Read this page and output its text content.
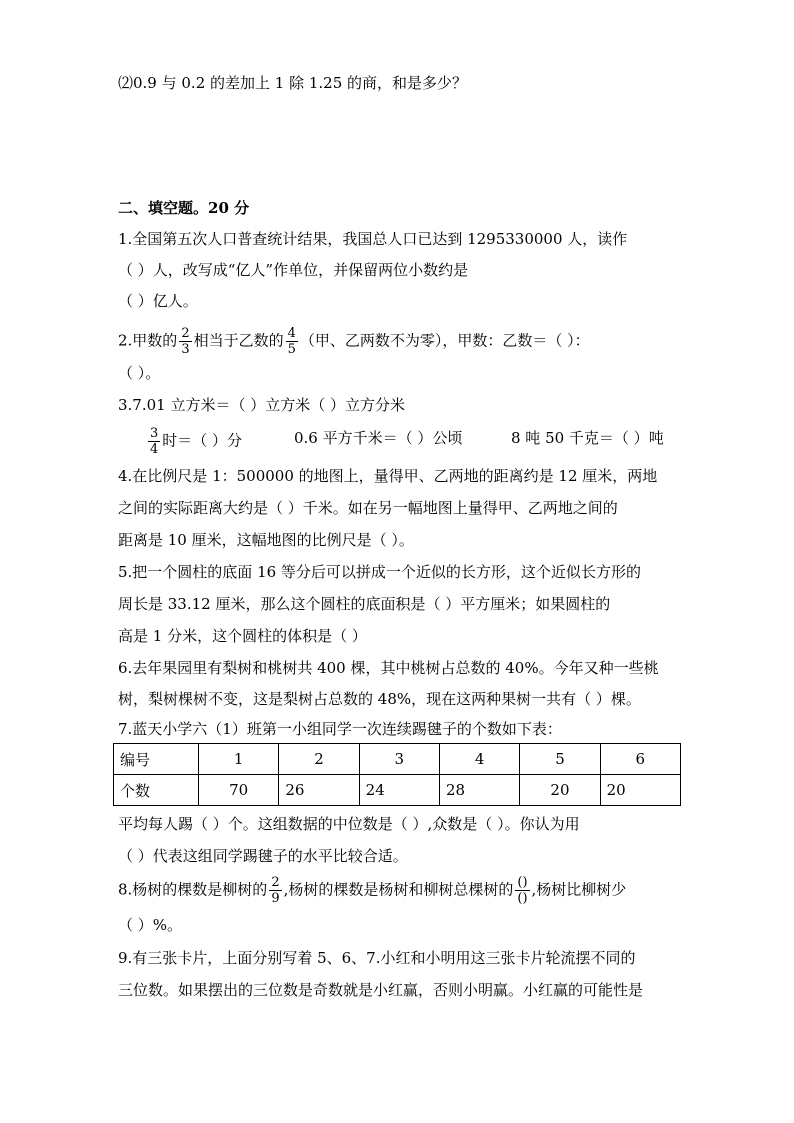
⑵0.9 与 0.2 的差加上 1 除 1.25 的商，和是多少？
二、填空题。20 分
1.全国第五次人口普查统计结果，我国总人口已达到 1295330000 人，读作
（ ）人，改写成“亿人”作单位，并保留两位小数约是
（ ）亿人。
2.甲数的 $\frac{2}{3}$ 相当于乙数的 $\frac{4}{5}$ （甲、乙两数不为零），甲数：乙数＝（ ）：
（ ）。
3.7.01 立方米＝（ ）立方米（ ）立方分米
$\frac{3}{4}$ 时＝（ ）分	0.6 平方千米＝（ ）公顷	8 吨 50 千克＝（ ）吨
4.在比例尺是 1：500000 的地图上，量得甲、乙两地的距离约是 12 厘米，两地
之间的实际距离大约是（ ）千米。如在另一幅地图上量得甲、乙两地之间的
距离是 10 厘米，这幅地图的比例尺是（ ）。
5.把一个圆柱的底面 16 等分后可以拼成一个近似的长方形，这个近似长方形的
周长是 33.12 厘米，那么这个圆柱的底面积是（ ）平方厘米；如果圆柱的
高是 1 分米，这个圆柱的体积是（ ）
6.去年果园里有梨树和桃树共 400 棵，其中桃树占总数的 40%。今年又种一些桃
树，梨树棵树不变，这是梨树占总数的 48%，现在这两种果树一共有（ ）棵。
7.蓝天小学六（1）班第一小组同学一次连续踢毽子的个数如下表：
编号	1	2	3	4	5	6
个数	70	26	24	28	20	20
平均每人踢（ ）个。这组数据的中位数是（ ）,众数是（ ）。你认为用
（ ）代表这组同学踢毽子的水平比较合适。
8.杨树的棵数是柳树的 $\frac{2}{9}$ ,杨树的棵数是杨树和柳树总棵树的 $\frac{()}{()}$ ,杨树比柳树少
（ ）%。
9.有三张卡片，上面分别写着 5、6、7.小红和小明用这三张卡片轮流摆不同的
三位数。如果摆出的三位数是奇数就是小红赢，否则小明赢。小红赢的可能性是
